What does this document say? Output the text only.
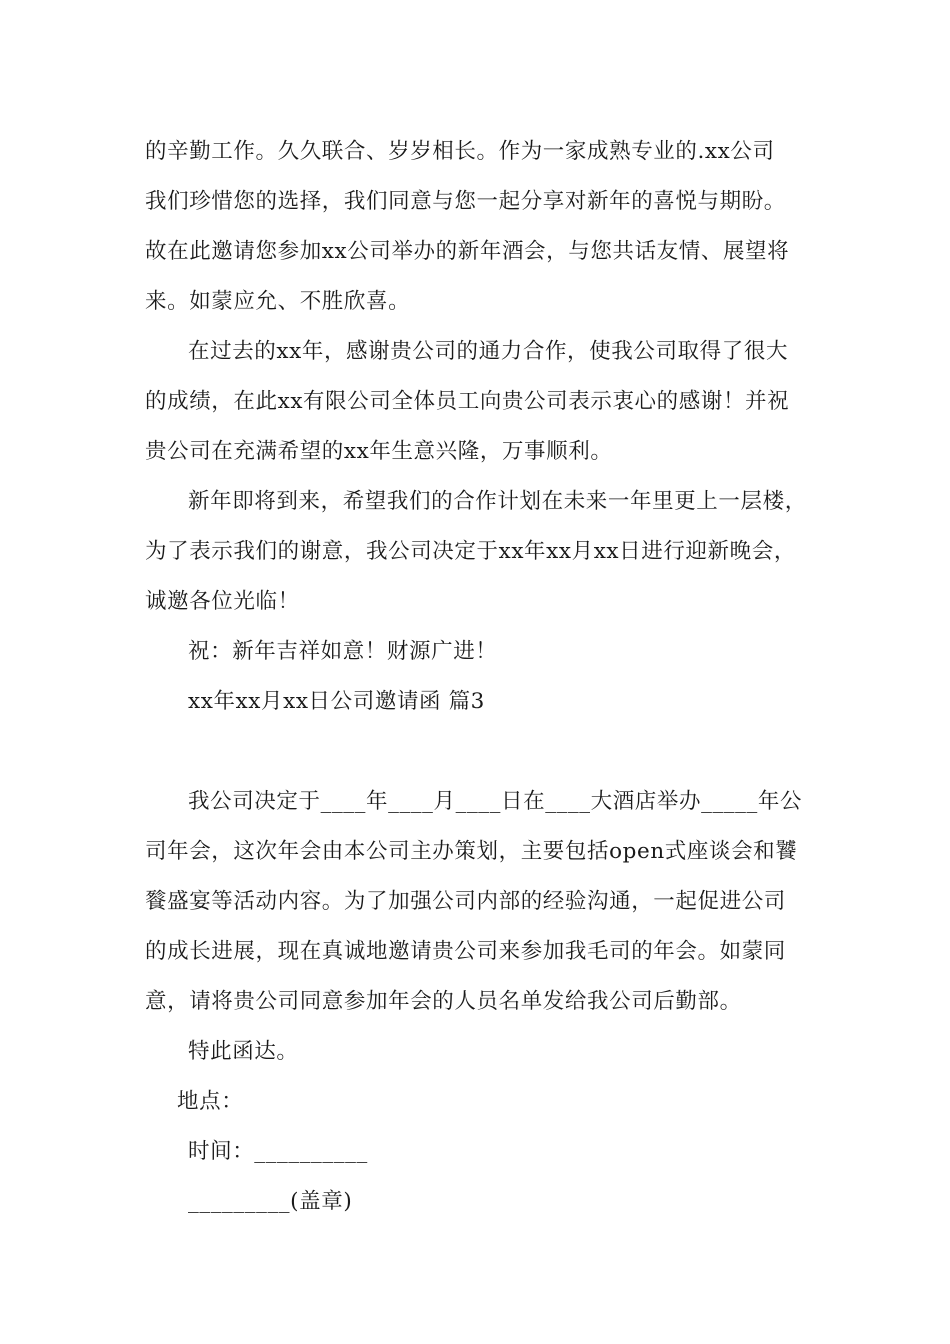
的辛勤工作。久久联合、岁岁相长。作为一家成熟专业的.xx公司
我们珍惜您的选择，我们同意与您一起分享对新年的喜悦与期盼。
故在此邀请您参加xx公司举办的新年酒会，与您共话友情、展望将
来。如蒙应允、不胜欣喜。
在过去的xx年，感谢贵公司的通力合作，使我公司取得了很大
的成绩，在此xx有限公司全体员工向贵公司表示衷心的感谢！并祝
贵公司在充满希望的xx年生意兴隆，万事顺利。
新年即将到来，希望我们的合作计划在未来一年里更上一层楼，
为了表示我们的谢意，我公司决定于xx年xx月xx日进行迎新晚会，
诚邀各位光临！
祝：新年吉祥如意！财源广进！
xx年xx月xx日公司邀请函 篇3
我公司决定于____年____月____日在____大酒店举办_____年公
司年会，这次年会由本公司主办策划，主要包括open式座谈会和饕
餮盛宴等活动内容。为了加强公司内部的经验沟通，一起促进公司
的成长进展，现在真诚地邀请贵公司来参加我毛司的年会。如蒙同
意，请将贵公司同意参加年会的人员名单发给我公司后勤部。
特此函达。
地点：
时间：__________
_________(盖章)
